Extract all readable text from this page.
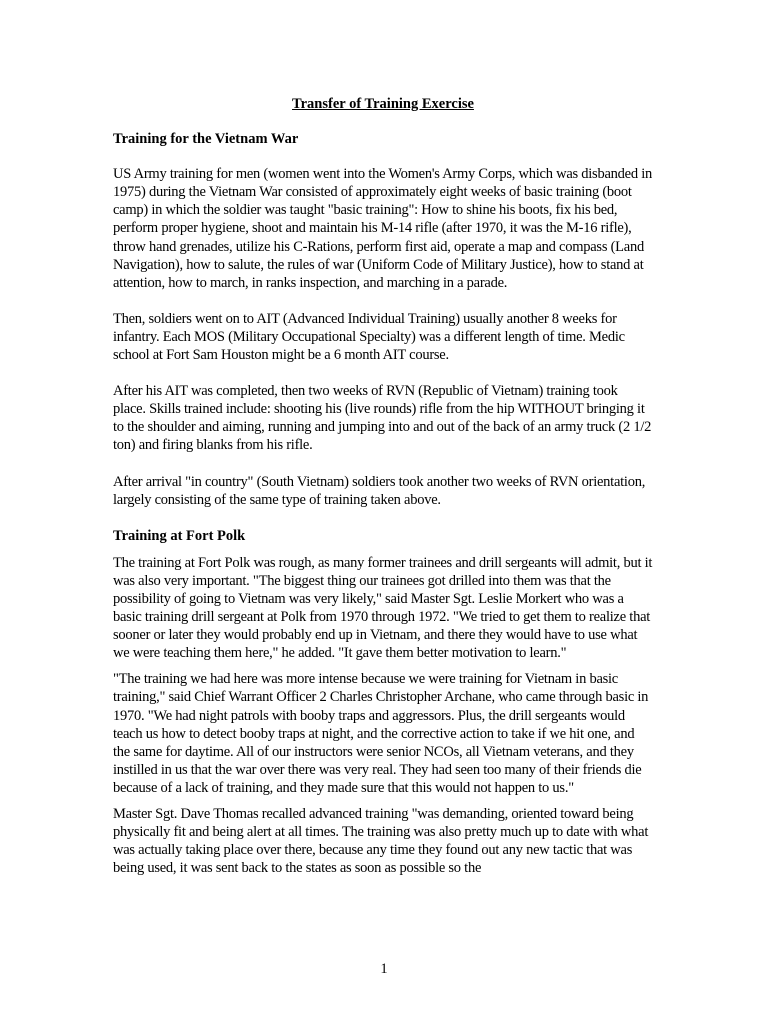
Transfer of Training Exercise

Training for the Vietnam War

US Army training for men (women went into the Women's Army Corps, which was disbanded in 1975) during the Vietnam War consisted of approximately eight weeks of basic training (boot camp) in which the soldier was taught "basic training": How to shine his boots, fix his bed, perform proper hygiene, shoot and maintain his M-14 rifle (after 1970, it was the M-16 rifle), throw hand grenades, utilize his C-Rations, perform first aid, operate a map and compass (Land Navigation), how to salute, the rules of war (Uniform Code of Military Justice), how to stand at attention, how to march, in ranks inspection, and marching in a parade.

Then, soldiers went on to AIT (Advanced Individual Training) usually another 8 weeks for infantry. Each MOS (Military Occupational Specialty) was a different length of time. Medic school at Fort Sam Houston might be a 6 month AIT course.

After his AIT was completed, then two weeks of RVN (Republic of Vietnam) training took place. Skills trained include: shooting his (live rounds) rifle from the hip WITHOUT bringing it to the shoulder and aiming, running and jumping into and out of the back of an army truck (2 1/2 ton) and firing blanks from his rifle.

After arrival "in country" (South Vietnam) soldiers took another two weeks of RVN orientation, largely consisting of the same type of training taken above.

Training at Fort Polk

The training at Fort Polk was rough, as many former trainees and drill sergeants will admit, but it was also very important. "The biggest thing our trainees got drilled into them was that the possibility of going to Vietnam was very likely," said Master Sgt. Leslie Morkert who was a basic training drill sergeant at Polk from 1970 through 1972. "We tried to get them to realize that sooner or later they would probably end up in Vietnam, and there they would have to use what we were teaching them here," he added. "It gave them better motivation to learn."

"The training we had here was more intense because we were training for Vietnam in basic training," said Chief Warrant Officer 2 Charles Christopher Archane, who came through basic in 1970. "We had night patrols with booby traps and aggressors. Plus, the drill sergeants would teach us how to detect booby traps at night, and the corrective action to take if we hit one, and the same for daytime. All of our instructors were senior NCOs, all Vietnam veterans, and they instilled in us that the war over there was very real. They had seen too many of their friends die because of a lack of training, and they made sure that this would not happen to us."

Master Sgt. Dave Thomas recalled advanced training "was demanding, oriented toward being physically fit and being alert at all times. The training was also pretty much up to date with what was actually taking place over there, because any time they found out any new tactic that was being used, it was sent back to the states as soon as possible so the

1
